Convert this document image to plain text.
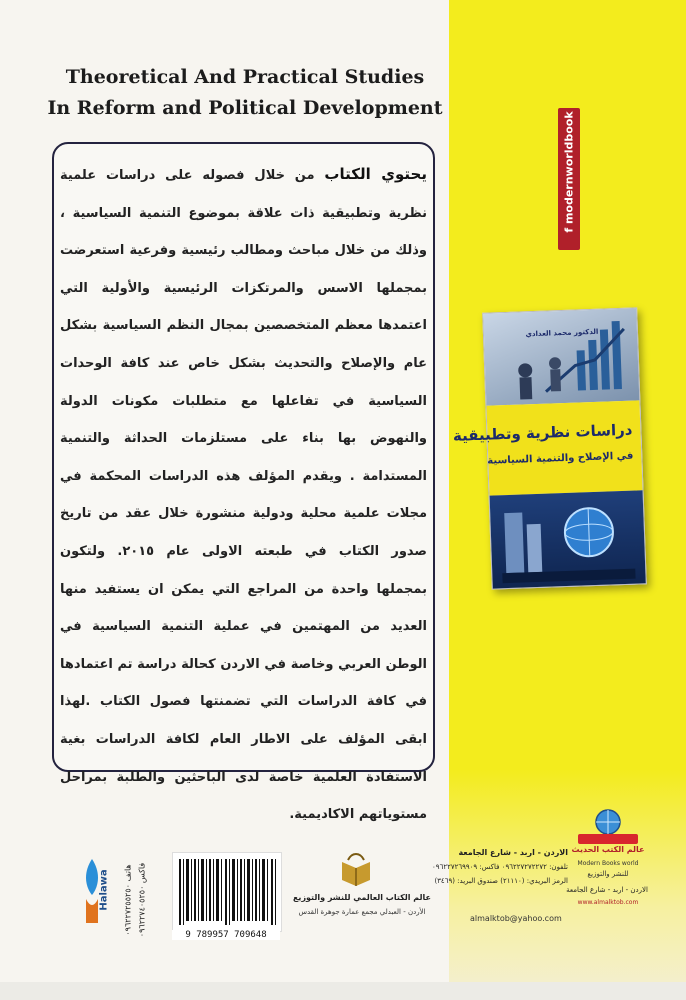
Theoretical And Practical Studies
In Reform and Political Development
يحتوي الكتاب من خلال فصوله على دراسات علمية نظرية وتطبيقية ذات علاقة بموضوع التنمية السياسية ، وذلك من خلال مباحث ومطالب رئيسية وفرعية استعرضت بمجملها الاسس والمرتكزات الرئيسية والأولية التي اعتمدها معظم المتخصصين بمجال النظم السياسية بشكل عام والإصلاح والتحديث بشكل خاص عند كافة الوحدات السياسية في تفاعلها مع متطلبات مكونات الدولة والنهوض بها بناء على مستلزمات الحداثة والتنمية المستدامة . ويقدم المؤلف هذه الدراسات المحكمة في مجلات علمية محلية ودولية منشورة خلال عقد من تاريخ صدور الكتاب في طبعته الاولى عام ٢٠١٥. ولتكون بمجملها واحدة من المراجع التي يمكن ان يستفيد منها العديد من المهتمين في عملية التنمية السياسية في الوطن العربي وخاصة في الاردن كحالة دراسة تم اعتمادها في كافة الدراسات التي تضمنتها فصول الكتاب .لهذا ابقى المؤلف على الاطار العام لكافة الدراسات بغية الاستفادة العلمية خاصة لدى الباحثين والطلبة بمراحل مستوياتهم الاكاديمية.
f modernworldbook
الدكتور محمد العدادي
دراسات نظرية وتطبيقية
في الإصلاح والتنمية السياسية
9 789957 709648
Halawa هاتف ٠٩٦٢٢٧٢٥٥٢٥٠
فاكس ٠٩٦٢٢٧٤٠٥٢٥٠
عالم الكتاب العالمي للنشر والتوزيع
الأردن - العبدلي مجمع عمارة جوهرة القدس
الاردن - اربد - شارع الجامعة
تلفون: ٠٩٦٢٢٧٢٧٢٢٧٢ فاكس: ٠٩٦٢٢٧٢٦٩٩٠٩
الرمز البريدي: (٢١١١٠) صندوق البريد: (٣٤٦٩)
almalktob@yahoo.com
عالم الكتب الحديث
Modern Books world
للنشر والتوزيع
الاردن - اربد - شارع الجامعة
www.almalktob.com
